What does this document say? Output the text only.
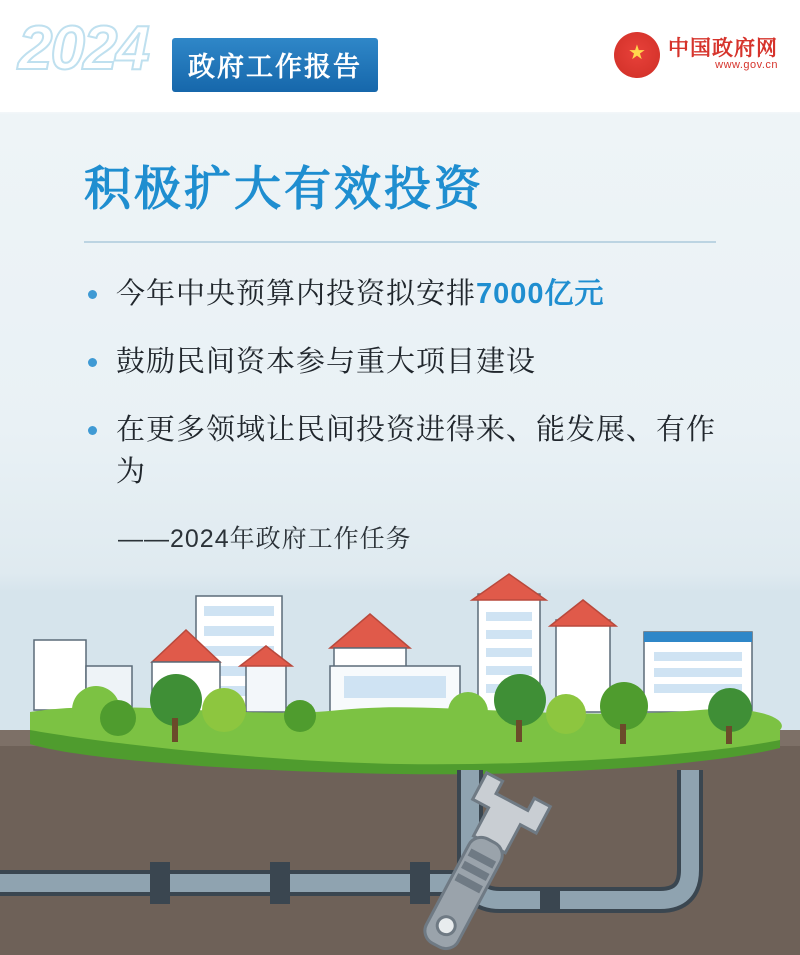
2024	政府工作报告	★ 中国政府网
www.gov.cn
积极扩大有效投资
今年中央预算内投资拟安排7000亿元
鼓励民间资本参与重大项目建设
在更多领域让民间投资进得来、能发展、有作为
——2024年政府工作任务
